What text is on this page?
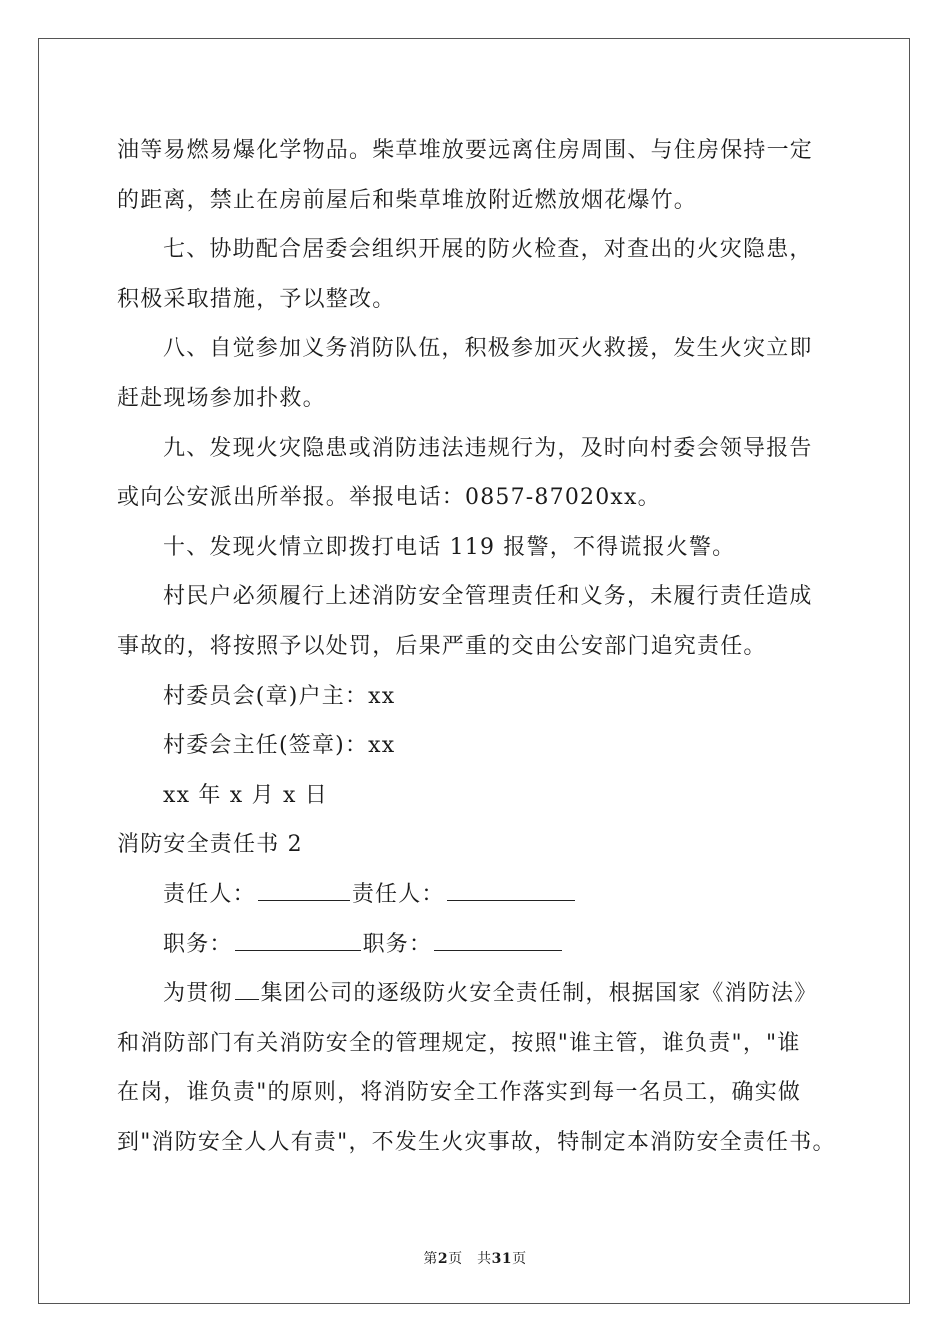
油等易燃易爆化学物品。柴草堆放要远离住房周围、与住房保持一定
的距离，禁止在房前屋后和柴草堆放附近燃放烟花爆竹。
七、协助配合居委会组织开展的防火检查，对查出的火灾隐患，
积极采取措施，予以整改。
八、自觉参加义务消防队伍，积极参加灭火救援，发生火灾立即
赶赴现场参加扑救。
九、发现火灾隐患或消防违法违规行为，及时向村委会领导报告
或向公安派出所举报。举报电话：0857-87020xx。
十、发现火情立即拨打电话 119 报警，不得谎报火警。
村民户必须履行上述消防安全管理责任和义务，未履行责任造成
事故的，将按照予以处罚，后果严重的交由公安部门追究责任。
村委员会(章)户主：xx
村委会主任(签章)：xx
xx 年 x 月 x 日
消防安全责任书 2
责任人：	责任人：
职务：	职务：
为贯彻 集团公司的逐级防火安全责任制，根据国家《消防法》
和消防部门有关消防安全的管理规定，按照"谁主管，谁负责"，"谁
在岗，谁负责"的原则，将消防安全工作落实到每一名员工，确实做
到"消防安全人人有责"，不发生火灾事故，特制定本消防安全责任书。
第2页　共31页
